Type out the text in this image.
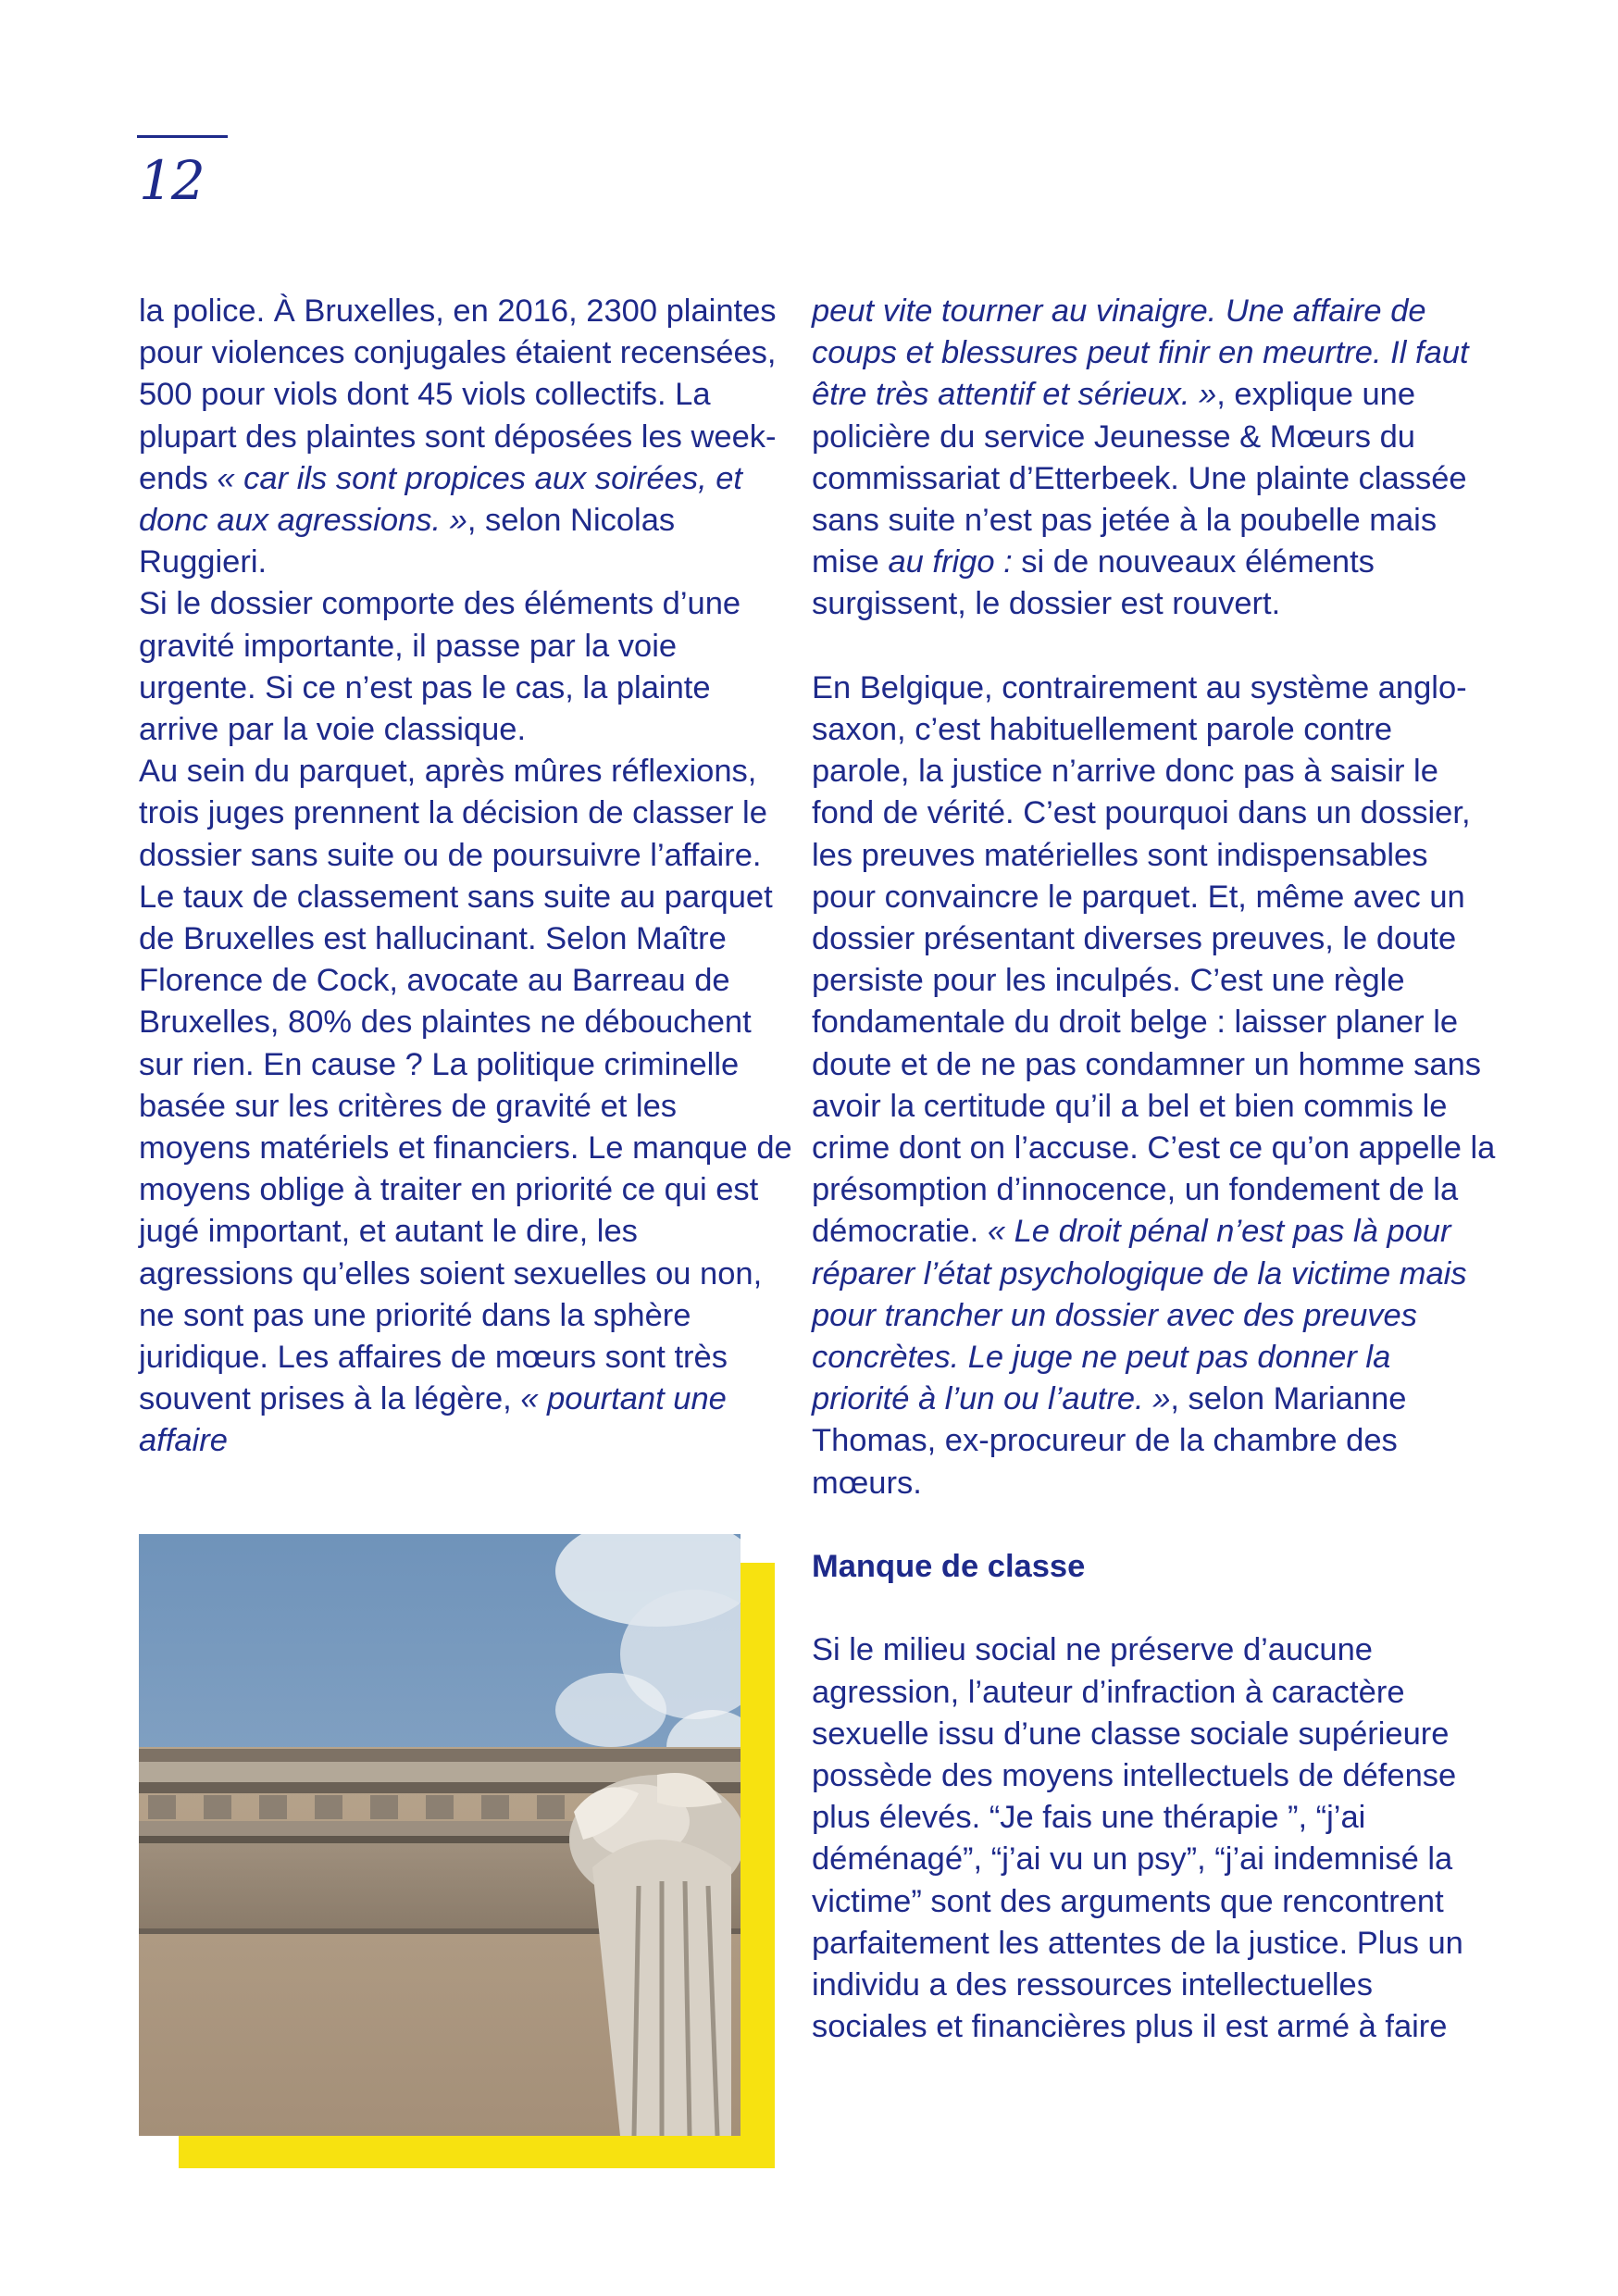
12

la police. À Bruxelles, en 2016, 2300 plaintes pour violences conjugales étaient recensées, 500 pour viols dont 45 viols collectifs. La plupart des plaintes sont déposées les week-ends « car ils sont propices aux soirées, et donc aux agressions. », selon Nicolas Ruggieri.

Si le dossier comporte des éléments d’une gravité importante, il passe par la voie urgente. Si ce n’est pas le cas, la plainte arrive par la voie classique.

Au sein du parquet, après mûres réflexions, trois juges prennent la décision de classer le dossier sans suite ou de poursuivre l’affaire. Le taux de classement sans suite au parquet de Bruxelles est hallucinant. Selon Maître Florence de Cock, avocate au Barreau de Bruxelles, 80% des plaintes ne débouchent sur rien. En cause ? La politique criminelle basée sur les critères de gravité et les moyens matériels et financiers. Le manque de moyens oblige à traiter en priorité ce qui est jugé important, et autant le dire, les agressions qu’elles soient sexuelles ou non, ne sont pas une priorité dans la sphère juridique. Les affaires de mœurs sont très souvent prises à la légère, « pourtant une affaire

peut vite tourner au vinaigre. Une affaire de coups et blessures peut finir en meurtre. Il faut être très attentif et sérieux. », explique une policière du service Jeunesse & Mœurs du commissariat d’Etterbeek. Une plainte classée sans suite n’est pas jetée à la poubelle mais mise au frigo : si de nouveaux éléments surgissent, le dossier est rouvert.

En Belgique, contrairement au système anglo-saxon, c’est habituellement parole contre parole, la justice n’arrive donc pas à saisir le fond de vérité. C’est pourquoi dans un dossier, les preuves matérielles sont indispensables pour convaincre le parquet. Et, même avec un dossier présentant diverses preuves, le doute persiste pour les inculpés. C’est une règle fondamentale du droit belge : laisser planer le doute et de ne pas condamner un homme sans avoir la certitude qu’il a bel et bien commis le crime dont on l’accuse. C’est ce qu’on appelle la présomption d’innocence, un fondement de la démocratie. « Le droit pénal n’est pas là pour réparer l’état psychologique de la victime mais pour trancher un dossier avec des preuves concrètes. Le juge ne peut pas donner la priorité à l’un ou l’autre. », selon Marianne Thomas, ex-procureur de la chambre des mœurs.

Manque de classe

Si le milieu social ne préserve d’aucune agression, l’auteur d’infraction à caractère sexuelle issu d’une classe sociale supérieure possède des moyens intellectuels de défense plus élevés. “Je fais une thérapie ”, “j’ai déménagé”, “j’ai vu un psy”, “j’ai indemnisé la victime” sont des arguments que rencontrent parfaitement les attentes de la justice. Plus un individu a des ressources intellectuelles sociales et financières plus il est armé à faire
